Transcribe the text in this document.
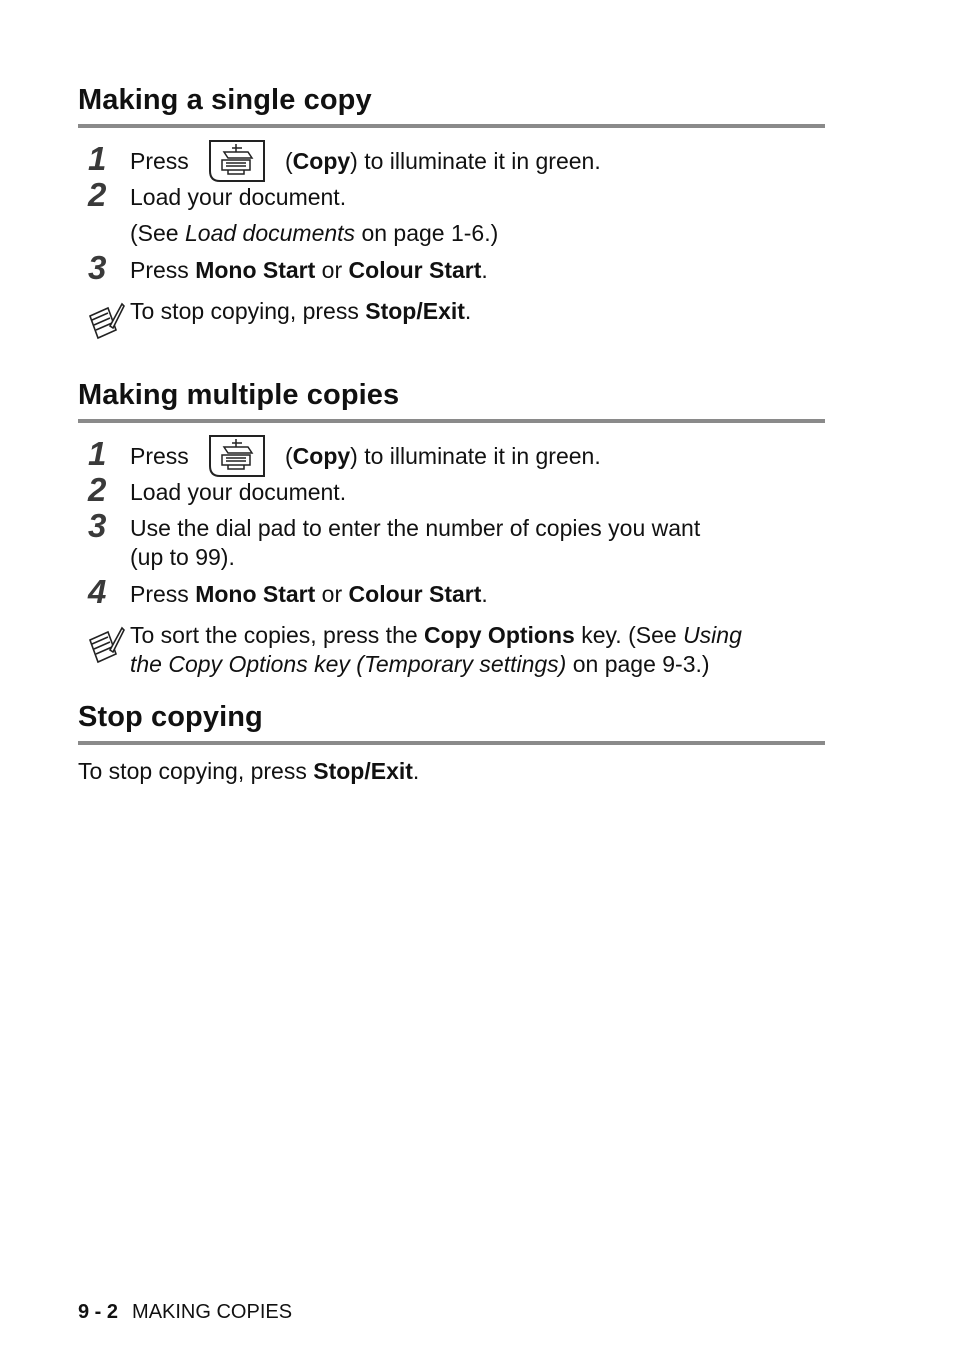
Making a single copy
1	Press	(Copy) to illuminate it in green.
2	Load your document.
(See Load documents on page 1-6.)
3	Press Mono Start or Colour Start.
To stop copying, press Stop/Exit.
Making multiple copies
1	Press	(Copy) to illuminate it in green.
2	Load your document.
3	Use the dial pad to enter the number of copies you want
(up to 99).
4	Press Mono Start or Colour Start.
To sort the copies, press the Copy Options key. (See Using
the Copy Options key (Temporary settings) on page 9-3.)
Stop copying
To stop copying, press Stop/Exit.
9 - 2 MAKING COPIES
